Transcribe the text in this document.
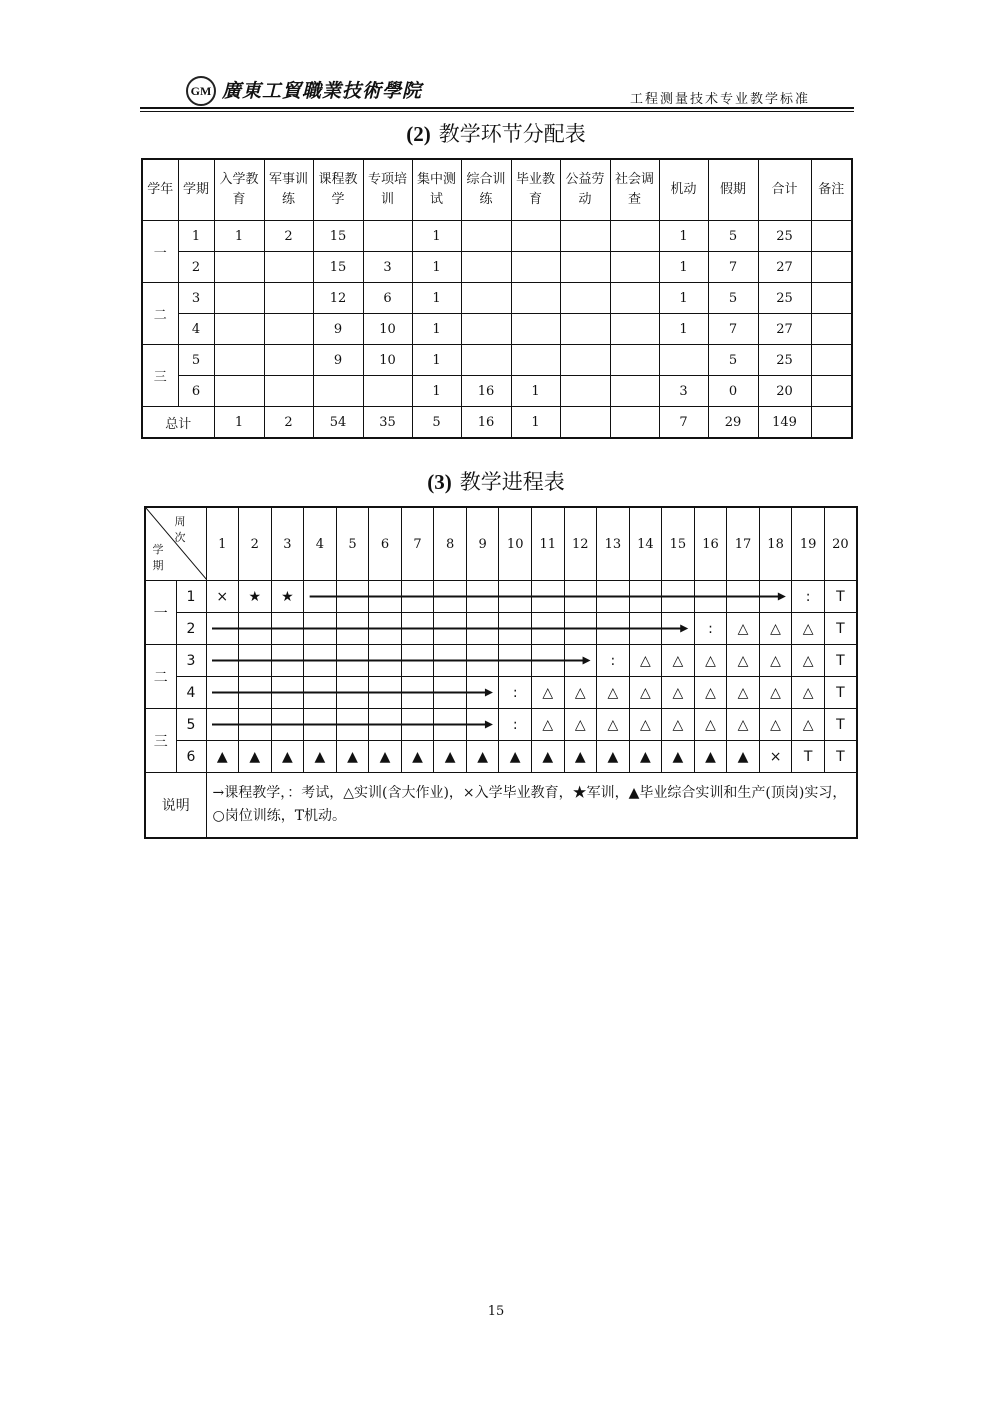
GM 廣東工貿職業技術學院	工程测量技术专业教学标准
(2) 教学环节分配表
学年	学期	入学教育	军事训练	课程教学	专项培训	集中测试	综合训练	毕业教育	公益劳动	社会调查	机动	假期	合计	备注
一	1	1	2	15		1					1	5	25	
	2			15	3	1					1	7	27	
二	3			12	6	1					1	5	25	
	4			9	10	1					1	7	27	
三	5			9	10	1						5	25	
	6					1	16	1			3	0	20	
总计		1	2	54	35	5	16	1			7	29	149	
(3) 教学进程表
周次
学期		1	2	3	4	5	6	7	8	9	10	11	12	13	14	15	16	17	18	19	20
一	1	×	★	★																:	T
	2																:	△	△	△	T
二	3													:	△	△	△	△	△	△	T
	4										:	△	△	△	△	△	△	△	△	△	T
三	5										:	△	△	△	△	△	△	△	△	△	T
	6	▲	▲	▲	▲	▲	▲	▲	▲	▲	▲	▲	▲	▲	▲	▲	▲	▲	×	T	T
说明		→课程教学，：考试，△实训(含大作业)，×入学毕业教育，★军训，▲毕业综合实训和生产(顶岗)实习，○岗位训练，T机动。																			
15
